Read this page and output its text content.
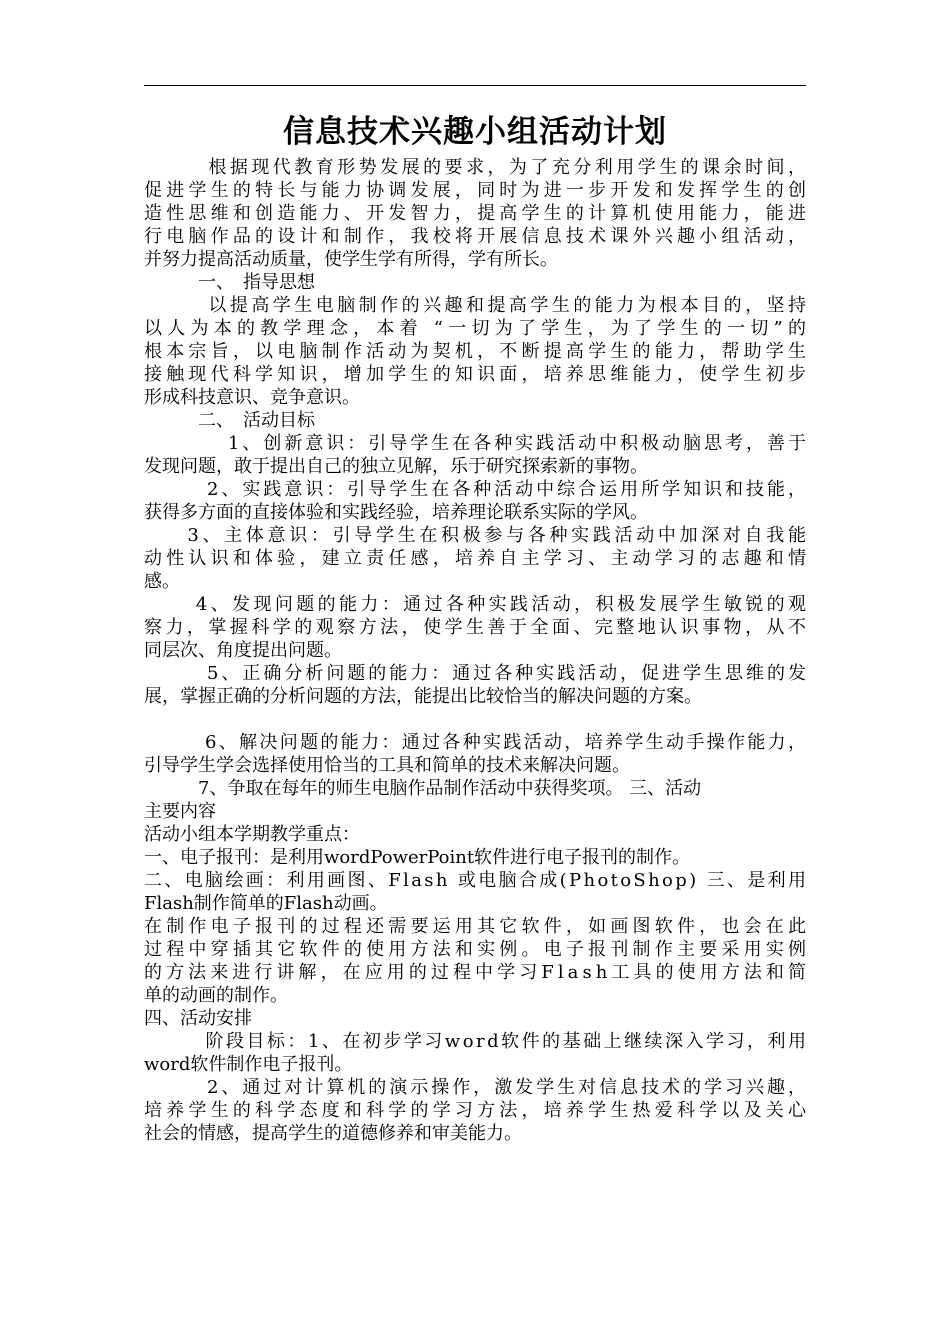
信息技术兴趣小组活动计划
　　　根据现代教育形势发展的要求，为了充分利用学生的课余时间，
促进学生的特长与能力协调发展，同时为进一步开发和发挥学生的创
造性思维和创造能力、开发智力，提高学生的计算机使用能力，能进
行电脑作品的设计和制作，我校将开展信息技术课外兴趣小组活动，
并努力提高活动质量，使学生学有所得，学有所长。
　　　一、　指导思想
　　　以提高学生电脑制作的兴趣和提高学生的能力为根本目的，坚持
以人为本的教学理念，本着 “一切为了学生，为了学生的一切”的
根本宗旨，以电脑制作活动为契机，不断提高学生的能力，帮助学生
接触现代科学知识，增加学生的知识面，培养思维能力，使学生初步
形成科技意识、竞争意识。
　　　二、　活动目标
　　　　1、创新意识：引导学生在各种实践活动中积极动脑思考，善于
发现问题，敢于提出自己的独立见解，乐于研究探索新的事物。
　　　2、实践意识：引导学生在各种活动中综合运用所学知识和技能，
获得多方面的直接体验和实践经验，培养理论联系实际的学风。
　　3、主体意识：引导学生在积极参与各种实践活动中加深对自我能
动性认识和体验，建立责任感，培养自主学习、主动学习的志趣和情
感。
　　 4、发现问题的能力：通过各种实践活动，积极发展学生敏锐的观
察力，掌握科学的观察方法，使学生善于全面、完整地认识事物，从不
同层次、角度提出问题。
　　　5、正确分析问题的能力：通过各种实践活动，促进学生思维的发
展，掌握正确的分析问题的方法，能提出比较恰当的解决问题的方案。
　　　6、解决问题的能力：通过各种实践活动，培养学生动手操作能力，
引导学生学会选择使用恰当的工具和简单的技术来解决问题。
　　　7、争取在每年的师生电脑作品制作活动中获得奖项。 三、活动
主要内容
活动小组本学期教学重点：
一、电子报刊：是利用wordPowerPoint软件进行电子报刊的制作。
二、电脑绘画：利用画图、Flash 或电脑合成(PhotoShop) 三、是利用
Flash制作简单的Flash动画。
在制作电子报刊的过程还需要运用其它软件，如画图软件，也会在此
过程中穿插其它软件的使用方法和实例。电子报刊制作主要采用实例
的方法来进行讲解，在应用的过程中学习Flash工具的使用方法和简
单的动画的制作。
四、活动安排
　　　阶段目标：1、在初步学习word软件的基础上继续深入学习，利用
word软件制作电子报刊。
　　　2、通过对计算机的演示操作，激发学生对信息技术的学习兴趣，
培养学生的科学态度和科学的学习方法，培养学生热爱科学以及关心
社会的情感，提高学生的道德修养和审美能力。
